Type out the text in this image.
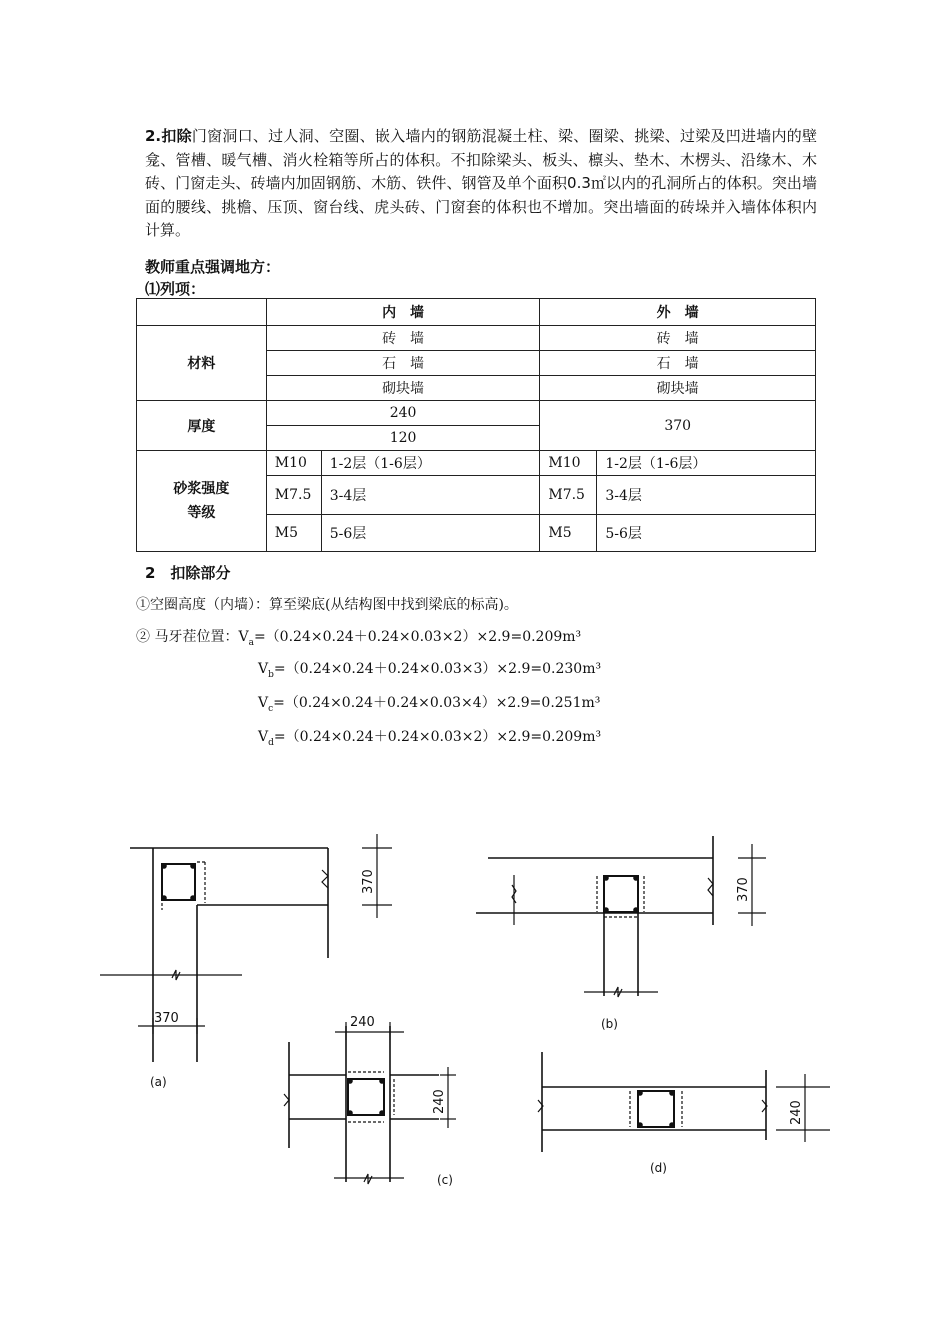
2.扣除门窗洞口、过人洞、空圈、嵌入墙内的钢筋混凝土柱、梁、圈梁、挑梁、过梁及凹进墙内的壁龛、管槽、暖气槽、消火栓箱等所占的体积。不扣除梁头、板头、檩头、垫木、木楞头、沿缘木、木砖、门窗走头、砖墙内加固钢筋、木筋、铁件、钢管及单个面积0.3㎡以内的孔洞所占的体积。突出墙面的腰线、挑檐、压顶、窗台线、虎头砖、门窗套的体积也不增加。突出墙面的砖垛并入墙体体积内计算。
教师重点强调地方：
⑴列项：
	内　墙		外　墙	
材料	砖　墙		砖　墙	
	石　墙		石　墙	
	砌块墙		砌块墙	
厚度	240		370	
	120			
砂浆强度
等级	M10	1-2层（1-6层）	M10	1-2层（1-6层）
	M7.5	3-4层	M7.5	3-4层
	M5	5-6层	M5	5-6层
2　扣除部分
①空圈高度（内墙）：算至梁底(从结构图中找到梁底的标高)。
② 马牙茬位置：$V_a=(0.24\times 0.24+0.24\times 0.03\times 2)\times 2.9=0.209m^3$
$V_b=(0.24\times 0.24+0.24\times 0.03\times 3)\times 2.9=0.230m^3$
$V_c=(0.24\times 0.24+0.24\times 0.03\times 4)\times 2.9=0.251m^3$
$V_d=(0.24\times 0.24+0.24\times 0.03\times 2)\times 2.9=0.209m^3$
370
370
(a)
370
(b)
240
240
(c)
240
(d)
